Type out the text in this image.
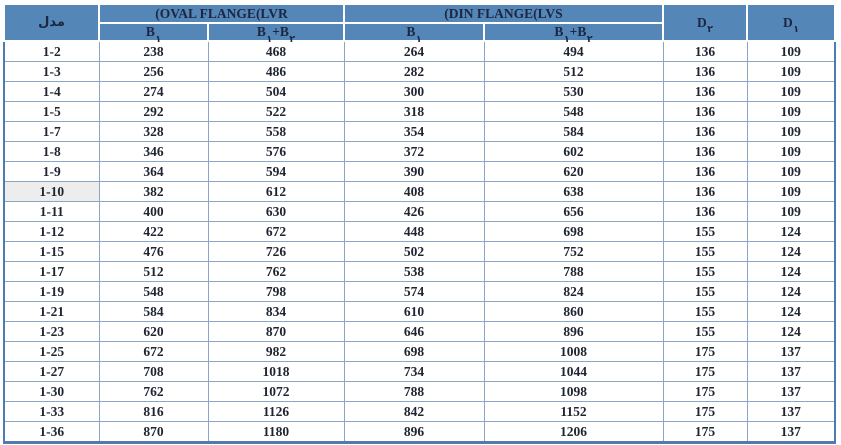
مدل	(OVAL FLANGE(LVR		(DIN FLANGE(LVS		$D_۲$	$D_۱$
	$B_۱$	$B_۱+B_۲$	$B_۱$	$B_۱+B_۲$
1-2	238	468	264	494	136	109
1-3	256	486	282	512	136	109
1-4	274	504	300	530	136	109
1-5	292	522	318	548	136	109
1-7	328	558	354	584	136	109
1-8	346	576	372	602	136	109
1-9	364	594	390	620	136	109
1-10	382	612	408	638	136	109
1-11	400	630	426	656	136	109
1-12	422	672	448	698	155	124
1-15	476	726	502	752	155	124
1-17	512	762	538	788	155	124
1-19	548	798	574	824	155	124
1-21	584	834	610	860	155	124
1-23	620	870	646	896	155	124
1-25	672	982	698	1008	175	137
1-27	708	1018	734	1044	175	137
1-30	762	1072	788	1098	175	137
1-33	816	1126	842	1152	175	137
1-36	870	1180	896	1206	175	137
